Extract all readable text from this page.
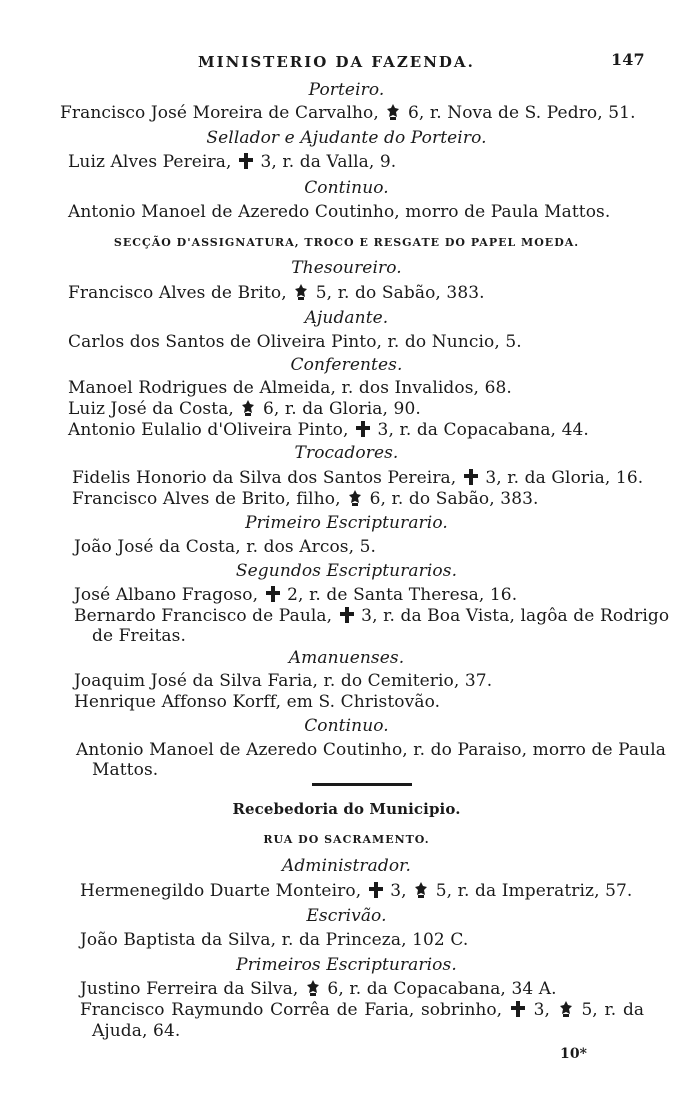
MINISTERIO DA FAZENDA.	147
Porteiro.
Francisco José Moreira de Carvalho, 6, r. Nova de S. Pedro, 51.
Sellador e Ajudante do Porteiro.
Luiz Alves Pereira, 3, r. da Valla, 9.
Continuo.
Antonio Manoel de Azeredo Coutinho, morro de Paula Mattos.
SECÇÃO D'ASSIGNATURA, TROCO E RESGATE DO PAPEL MOEDA.
Thesoureiro.
Francisco Alves de Brito, 5, r. do Sabão, 383.
Ajudante.
Carlos dos Santos de Oliveira Pinto, r. do Nuncio, 5.
Conferentes.
Manoel Rodrigues de Almeida, r. dos Invalidos, 68.
Luiz José da Costa, 6, r. da Gloria, 90.
Antonio Eulalio d'Oliveira Pinto, 3, r. da Copacabana, 44.
Trocadores.
Fidelis Honorio da Silva dos Santos Pereira, 3, r. da Gloria, 16.
Francisco Alves de Brito, filho, 6, r. do Sabão, 383.
Primeiro Escripturario.
João José da Costa, r. dos Arcos, 5.
Segundos Escripturarios.
José Albano Fragoso, 2, r. de Santa Theresa, 16.
Bernardo Francisco de Paula, 3, r. da Boa Vista, lagôa de Rodrigo
de Freitas.
Amanuenses.
Joaquim José da Silva Faria, r. do Cemiterio, 37.
Henrique Affonso Korff, em S. Christovão.
Continuo.
Antonio Manoel de Azeredo Coutinho, r. do Paraiso, morro de Paula
Mattos.
Recebedoria do Municipio.
RUA DO SACRAMENTO.
Administrador.
Hermenegildo Duarte Monteiro, 3, 5, r. da Imperatriz, 57.
Escrivão.
João Baptista da Silva, r. da Princeza, 102 C.
Primeiros Escripturarios.
Justino Ferreira da Silva, 6, r. da Copacabana, 34 A.
Francisco Raymundo Corrêa de Faria, sobrinho, 3, 5, r. da
Ajuda, 64.
10*
